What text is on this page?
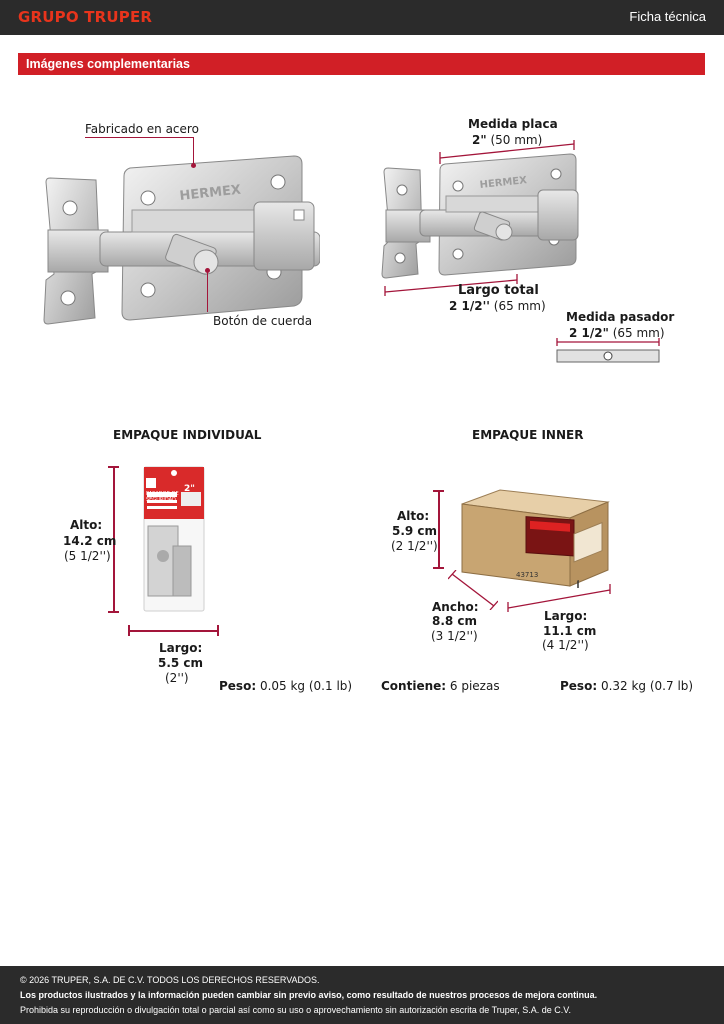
GRUPO TRUPER	Ficha técnica
Imágenes complementarias
HERMEX
Fabricado en acero
Botón de cuerda
Medida placa
2" (50 mm)
HERMEX
Largo total
2 1/2'' (65 mm)
Medida pasador
2 1/2" (65 mm)
EMPAQUE INDIVIDUAL
Alto:
14.2 cm
(5 1/2'')
10
2"
PASADOR DE SEGURIDAD
Largo:
5.5 cm
(2'')
Peso: 0.05 kg (0.1 lb)
EMPAQUE INNER
Alto:
5.9 cm
(2 1/2'')
43713
Ancho:
8.8 cm
(3 1/2'')
Largo:
11.1 cm
(4 1/2'')
Contiene: 6 piezas	Peso: 0.32 kg (0.7 lb)
© 2026 TRUPER, S.A. DE C.V. TODOS LOS DERECHOS RESERVADOS.
Los productos ilustrados y la información pueden cambiar sin previo aviso, como resultado de nuestros procesos de mejora continua.
Prohibida su reproducción o divulgación total o parcial así como su uso o aprovechamiento sin autorización escrita de Truper, S.A. de C.V.
